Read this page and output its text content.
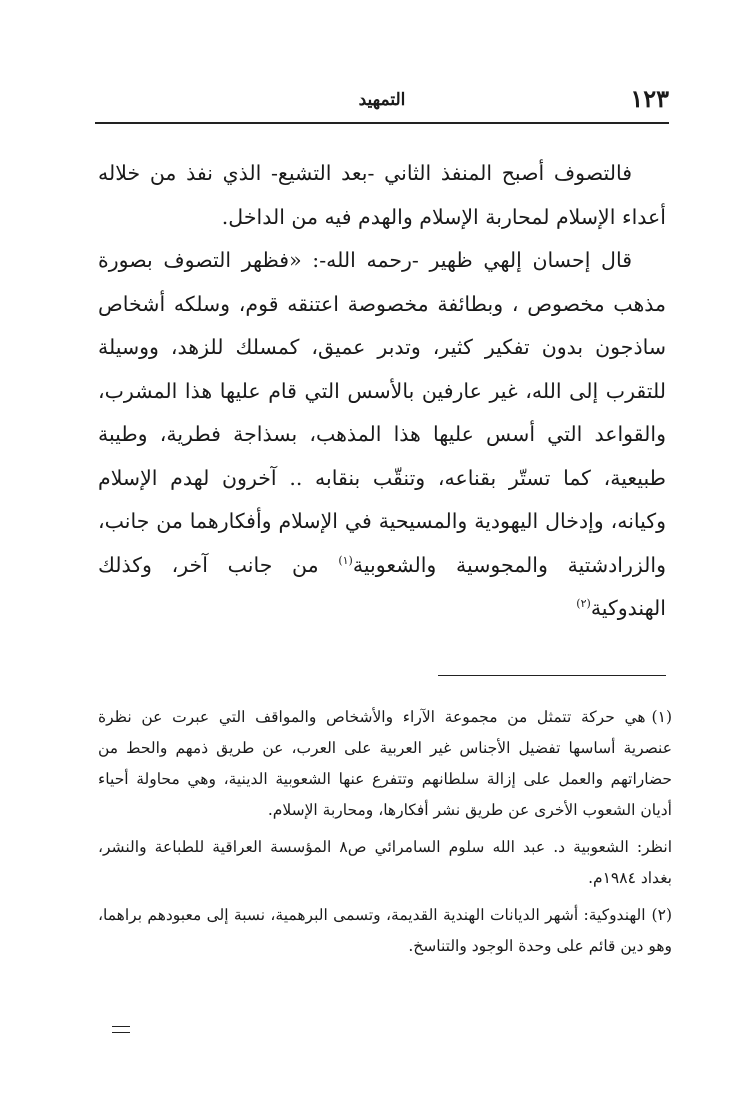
١٢٣
التمهيد

فالتصوف أصبح المنفذ الثاني -بعد التشيع- الذي نفذ من خلاله أعداء الإسلام لمحاربة الإسلام والهدم فيه من الداخل.

قال إحسان إلهي ظهير -رحمه الله-: «فظهر التصوف بصورة مذهب مخصوص ، وبطائفة مخصوصة اعتنقه قوم، وسلكه أشخاص ساذجون بدون تفكير كثير، وتدبر عميق، كمسلك للزهد، ووسيلة للتقرب إلى الله، غير عارفين بالأسس التي قام عليها هذا المشرب، والقواعد التي أسس عليها هذا المذهب، بسذاجة فطرية، وطيبة طبيعية، كما تستّر بقناعه، وتنقّب بنقابه .. آخرون لهدم الإسلام وكيانه، وإدخال اليهودية والمسيحية في الإسلام وأفكارهما من جانب، والزرادشتية والمجوسية والشعوبية$^{(١)}$ من جانب آخر، وكذلك الهندوكية$^{(٢)}$

(١)هي حركة تتمثل من مجموعة الآراء والأشخاص والمواقف التي عبرت عن نظرة عنصرية أساسها تفضيل الأجناس غير العربية على العرب، عن طريق ذمهم والحط من حضاراتهم والعمل على إزالة سلطانهم وتتفرع عنها الشعوبية الدينية، وهي محاولة أحياء أديان الشعوب الأخرى عن طريق نشر أفكارها، ومحاربة الإسلام.

انظر: الشعوبية د. عبد الله سلوم السامرائي ص٨ المؤسسة العراقية للطباعة والنشر، بغداد ١٩٨٤م.

(٢)الهندوكية: أشهر الديانات الهندية القديمة، وتسمى البرهمية، نسبة إلى معبودهم براهما، وهو دين قائم على وحدة الوجود والتناسخ.
